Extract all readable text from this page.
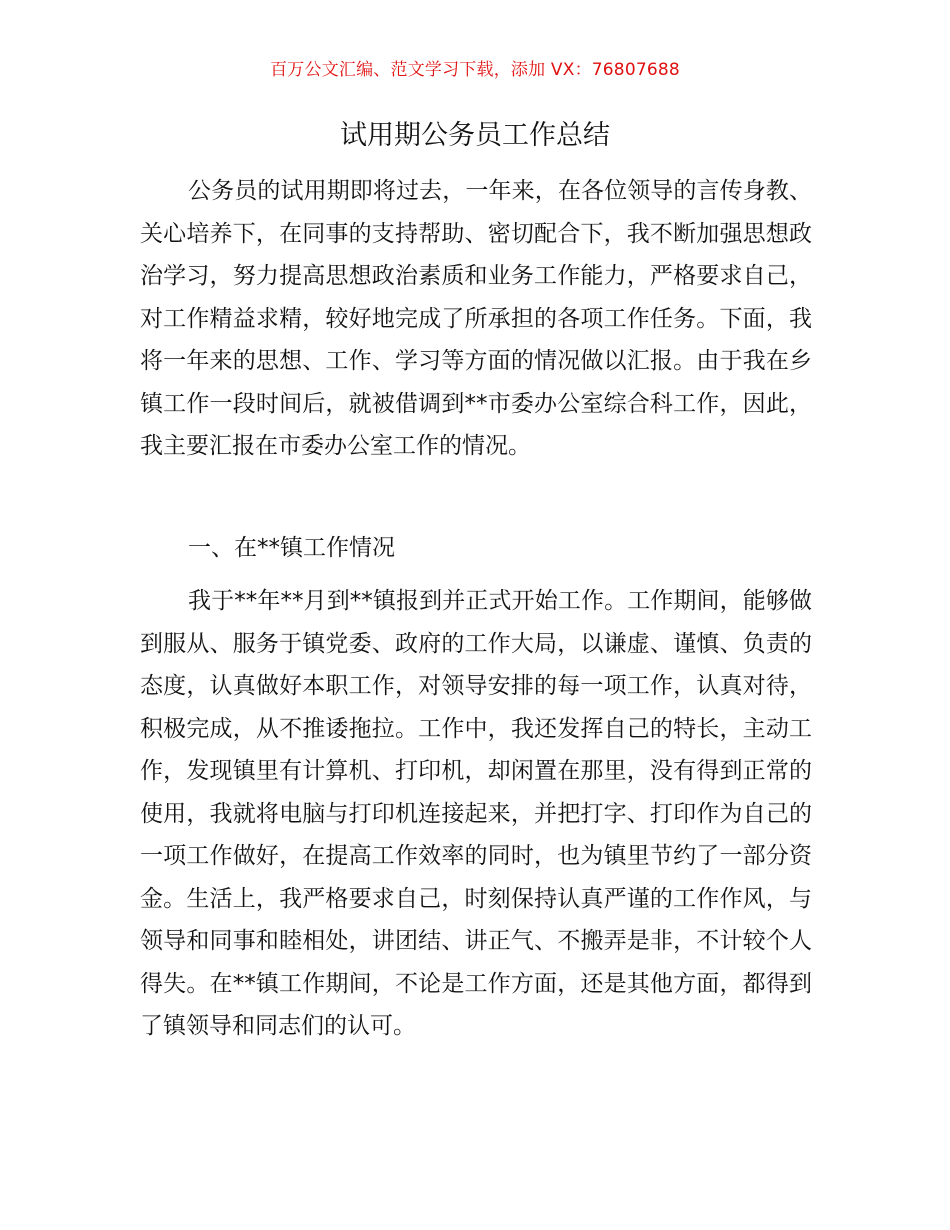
百万公文汇编、范文学习下载，添加 VX：76807688
试用期公务员工作总结

公务员的试用期即将过去，一年来，在各位领导的言传身教、关心培养下，在同事的支持帮助、密切配合下，我不断加强思想政治学习，努力提高思想政治素质和业务工作能力，严格要求自己，对工作精益求精，较好地完成了所承担的各项工作任务。下面，我将一年来的思想、工作、学习等方面的情况做以汇报。由于我在乡镇工作一段时间后，就被借调到**市委办公室综合科工作，因此，我主要汇报在市委办公室工作的情况。

一、在**镇工作情况

我于**年**月到**镇报到并正式开始工作。工作期间，能够做到服从、服务于镇党委、政府的工作大局，以谦虚、谨慎、负责的态度，认真做好本职工作，对领导安排的每一项工作，认真对待，积极完成，从不推诿拖拉。工作中，我还发挥自己的特长，主动工作，发现镇里有计算机、打印机，却闲置在那里，没有得到正常的使用，我就将电脑与打印机连接起来，并把打字、打印作为自己的一项工作做好，在提高工作效率的同时，也为镇里节约了一部分资金。生活上，我严格要求自己，时刻保持认真严谨的工作作风，与领导和同事和睦相处，讲团结、讲正气、不搬弄是非，不计较个人得失。在**镇工作期间，不论是工作方面，还是其他方面，都得到了镇领导和同志们的认可。
